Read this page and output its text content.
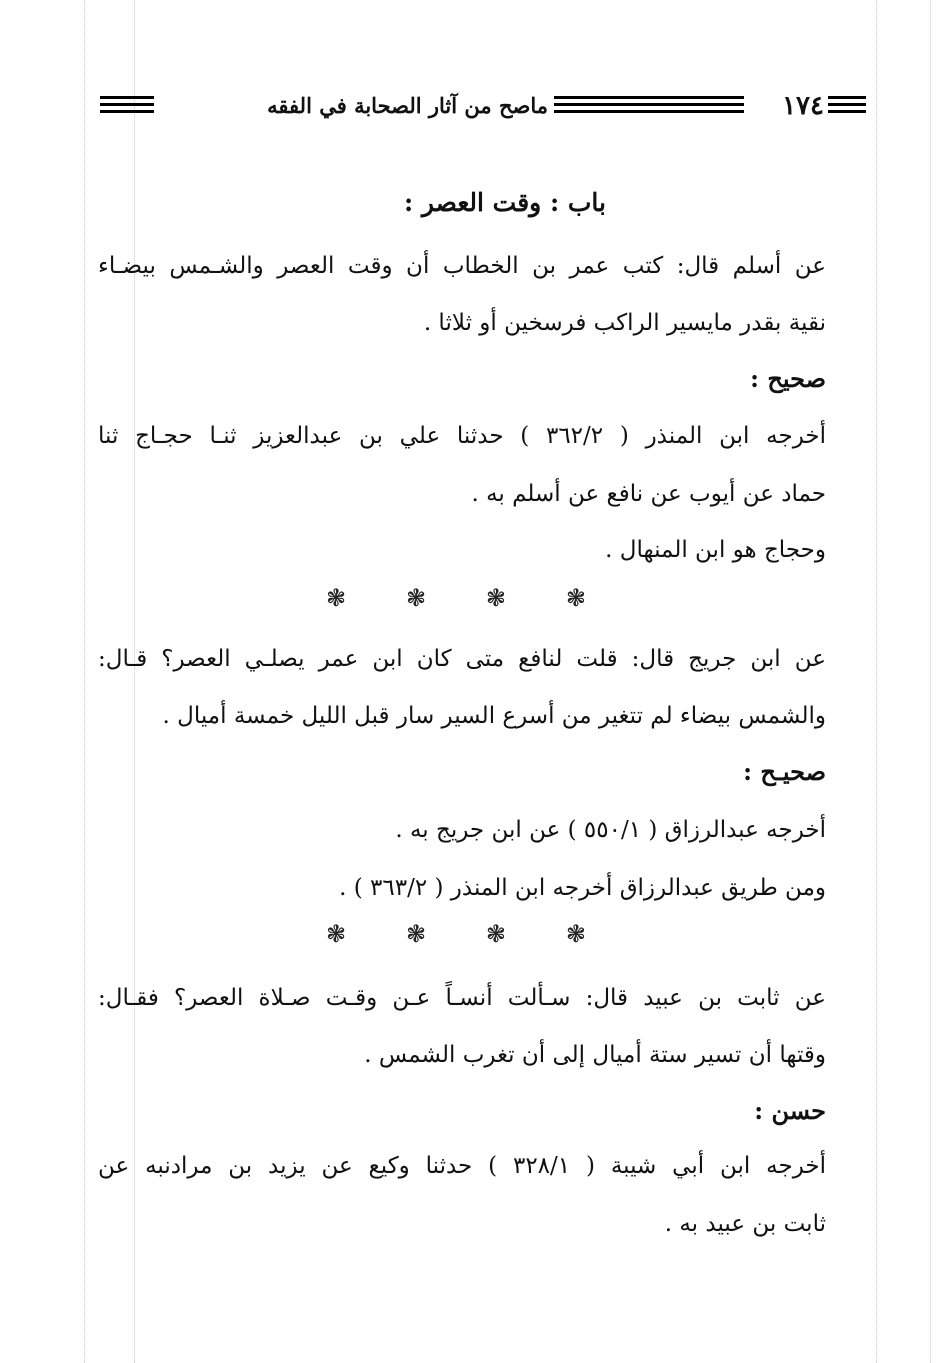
١٧٤
ماصح من آثار الصحابة في الفقه
باب : وقت العصر :
عن أسلم قال: كتب عمر بن الخطاب أن وقت العصر والشـمس بيضـاء
نقية بقدر مايسير الراكب فرسخين أو ثلاثا .
صحيح :
أخرجه ابن المنذر ( ٣٦٢/٢ ) حدثنا علي بن عبدالعزيز ثنـا حجـاج ثنا
حماد عن أيوب عن نافع عن أسلم به .
وحجاج هو ابن المنهال .
❃ ❃ ❃ ❃
عن ابن جريج قال: قلت لنافع متى كان ابن عمر يصلـي العصر؟ قـال:
والشمس بيضاء لم تتغير من أسرع السير سار قبل الليل خمسة أميال .
صحيـح :
أخرجه عبدالرزاق ( ٥٥٠/١ ) عن ابن جريج به .
ومن طريق عبدالرزاق أخرجه ابن المنذر ( ٣٦٣/٢ ) .
❃ ❃ ❃ ❃
عن ثابت بن عبيد قال: سـألت أنسـاً عـن وقـت صـلاة العصر؟ فقـال:
وقتها أن تسير ستة أميال إلى أن تغرب الشمس .
حسن :
أخرجه ابن أبي شيبة ( ٣٢٨/١ ) حدثنا وكيع عن يزيد بن مرادنبه عن
ثابت بن عبيد به .
